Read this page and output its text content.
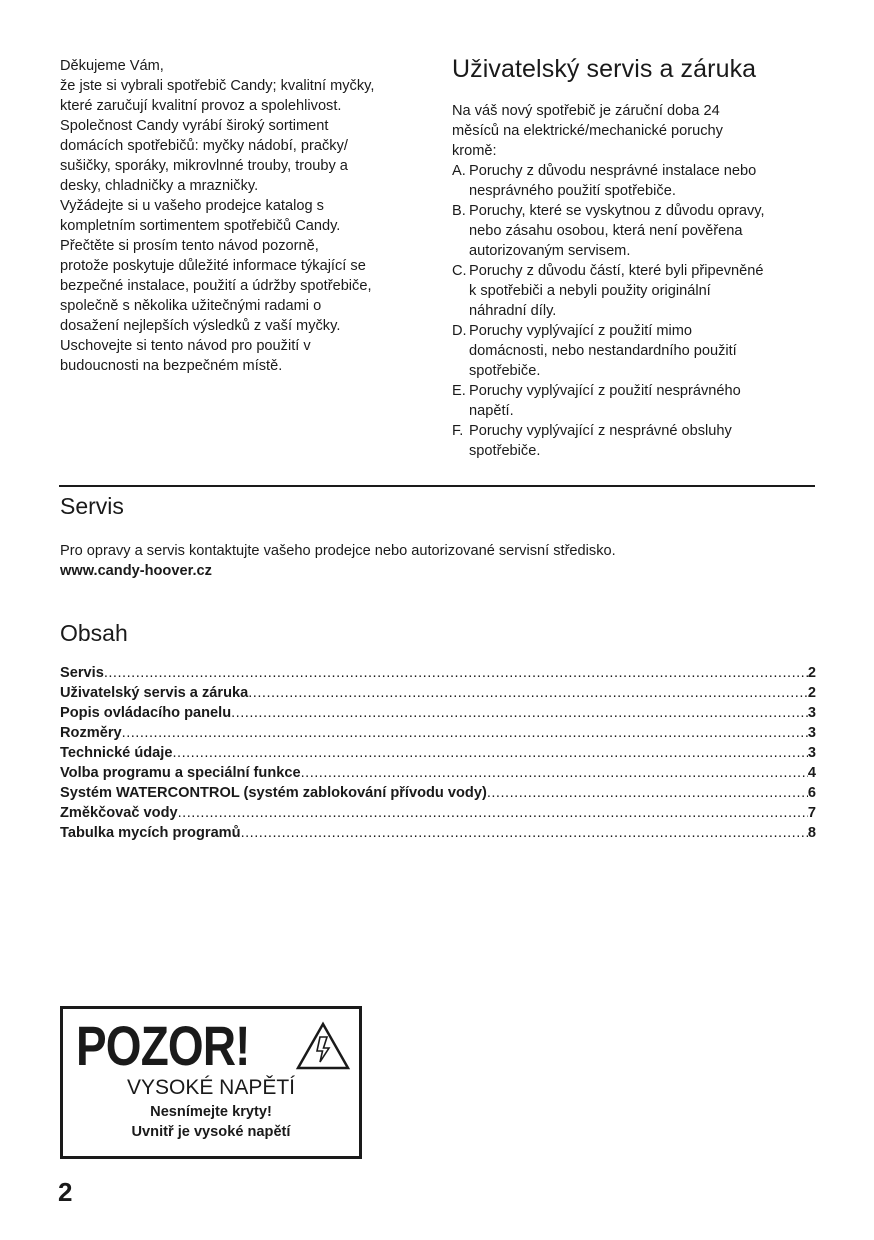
Děkujeme Vám,
že jste si vybrali spotřebič Candy; kvalitní myčky,
které zaručují kvalitní provoz a spolehlivost.
Společnost Candy vyrábí široký sortiment
domácích spotřebičů: myčky nádobí, pračky/
sušičky, sporáky, mikrovlnné trouby, trouby a
desky, chladničky a mrazničky.
Vyžádejte si u vašeho prodejce katalog s
kompletním sortimentem spotřebičů Candy.
Přečtěte si prosím tento návod pozorně,
protože poskytuje důležité informace týkající se
bezpečné instalace, použití a údržby spotřebiče,
společně s několika užitečnými radami o
dosažení nejlepších výsledků z vaší myčky.
Uschovejte si tento návod pro použití v
budoucnosti na bezpečném místě.
Uživatelský servis a záruka
Na váš nový spotřebič je záruční doba 24
měsíců na elektrické/mechanické poruchy
kromě:
A. Poruchy z důvodu nesprávné instalace nebo
nesprávného použití spotřebiče.
B. Poruchy, které se vyskytnou z důvodu opravy,
nebo zásahu osobou, která není pověřena
autorizovaným servisem.
C. Poruchy z důvodu částí, které byli připevněné
k spotřebiči a nebyli použity originální
náhradní díly.
D. Poruchy vyplývající z použití mimo
domácnosti, nebo nestandardního použití
spotřebiče.
E. Poruchy vyplývající z použití nesprávného
napětí.
F. Poruchy vyplývající z nesprávné obsluhy
spotřebiče.
Servis

Pro opravy a servis kontaktujte vašeho prodejce nebo autorizované servisní středisko.
www.candy-hoover.cz

Obsah
Servis .....	2
Uživatelský servis a záruka .....	2
Popis ovládacího panelu .....	3
Rozměry .....	3
Technické údaje .....	3
Volba programu a speciální funkce .....	4
Systém WATERCONTROL (systém zablokování přívodu vody) .....	6
Změkčovač vody .....	7
Tabulka mycích programů .....	8
POZOR!
VYSOKÉ NAPĚTÍ
Nesnímejte kryty!
Uvnitř je vysoké napětí
2
